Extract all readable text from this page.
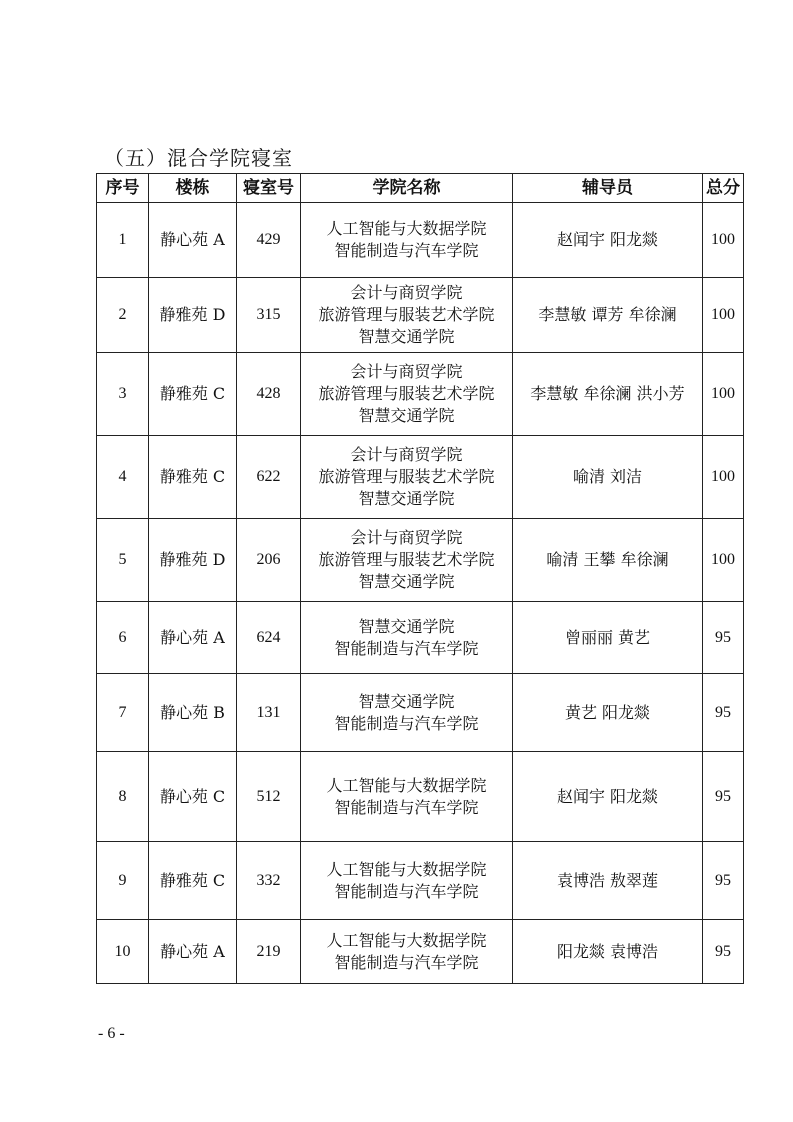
（五）混合学院寝室
序号	楼栋	寝室号	学院名称	辅导员	总分
1	静心苑 A	429	人工智能与大数据学院
智能制造与汽车学院	赵闻宇 阳龙燚	100
2	静雅苑 D	315	会计与商贸学院
旅游管理与服装艺术学院
智慧交通学院	李慧敏 谭芳 牟徐澜	100
3	静雅苑 C	428	会计与商贸学院
旅游管理与服装艺术学院
智慧交通学院	李慧敏 牟徐澜 洪小芳	100
4	静雅苑 C	622	会计与商贸学院
旅游管理与服装艺术学院
智慧交通学院	喻清 刘洁	100
5	静雅苑 D	206	会计与商贸学院
旅游管理与服装艺术学院
智慧交通学院	喻清 王攀 牟徐澜	100
6	静心苑 A	624	智慧交通学院
智能制造与汽车学院	曾丽丽 黄艺	95
7	静心苑 B	131	智慧交通学院
智能制造与汽车学院	黄艺 阳龙燚	95
8	静心苑 C	512	人工智能与大数据学院
智能制造与汽车学院	赵闻宇 阳龙燚	95
9	静雅苑 C	332	人工智能与大数据学院
智能制造与汽车学院	袁博浩 敖翠莲	95
10	静心苑 A	219	人工智能与大数据学院
智能制造与汽车学院	阳龙燚 袁博浩	95
- 6 -
